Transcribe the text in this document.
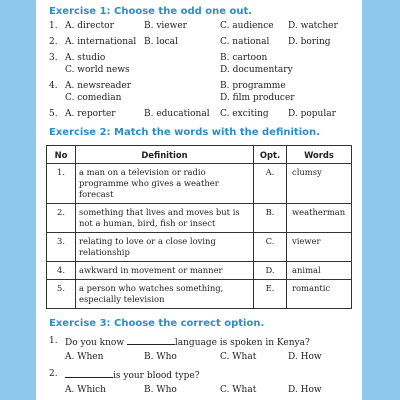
Exercise 1: Choose the odd one out.
1. A. director	B. viewer	C. audience D. watcher
2. A. international B. local	C. national D. boring
3. A. studio	B. cartoon
C. world news	D. documentary
4. A. newsreader	B. programme
C. comedian	D. film producer
5. A. reporter	B. educational C. exciting D. popular
Exercise 2: Match the words with the definition.
No	Definition	Opt.	Words
1.	a man on a television or radio programme who gives a weather forecast	A.	clumsy
2.	something that lives and moves but is not a human, bird, fish or insect	B.	weatherman
3.	relating to love or a close loving relationship	C.	viewer
4.	awkward in movement or manner	D.	animal
5.	a person who watches something, especially television	E.	romantic
Exercise 3: Choose the correct option.
1. Do you know	language is spoken in Kenya?
A. When	B. Who	C. What	D. How
2.	is your blood type?
A. Which	B. Who	C. What	D. How
